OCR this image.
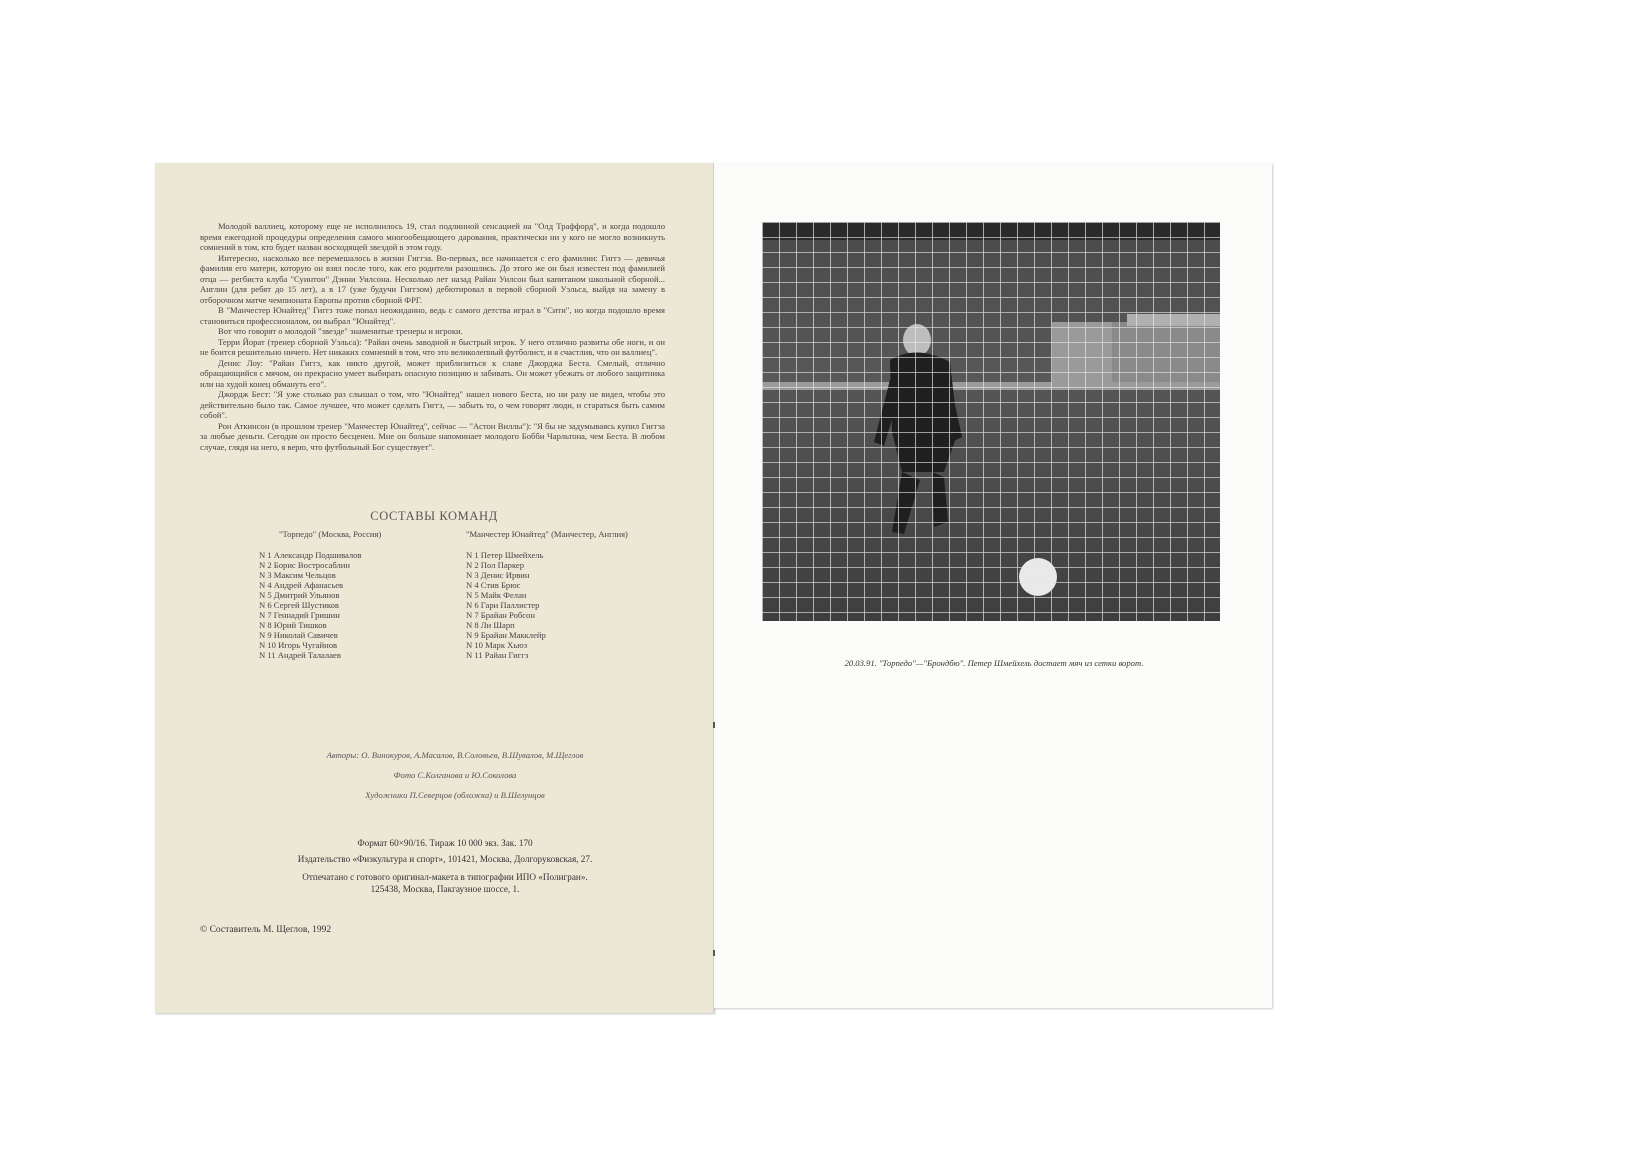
Молодой валлиец, которому еще не исполнилось 19, стал подлинной сенсацией на "Олд Траффорд", и когда подошло время ежегодной процедуры определения самого многообещающего дарования, практически ни у кого не могло возникнуть сомнений в том, кто будет назван восходящей звездой в этом году.

Интересно, насколько все перемешалось в жизни Гиггза. Во-первых, все начинается с его фамилии: Гиггз — девичья фамилия его матери, которую он взял после того, как его родители разошлись. До этого же он был известен под фамилией отца — регбиста клуба "Суинтон" Дэнни Уилсона. Несколько лет назад Райан Уилсон был капитаном школьной сборной... Англии (для ребят до 15 лет), а в 17 (уже будучи Гиггзом) дебютировал в первой сборной Уэльса, выйдя на замену в отборочном матче чемпионата Европы против сборной ФРГ.

В "Манчестер Юнайтед" Гиггз тоже попал неожиданно, ведь с самого детства играл в "Сити", но когда подошло время становиться профессионалом, он выбрал "Юнайтед".

Вот что говорят о молодой "звезде" знаменитые тренеры и игроки.

Терри Йорат (тренер сборной Уэльса): "Райан очень заводной и быстрый игрок. У него отлично развиты обе ноги, и он не боится решительно ничего. Нет никаких сомнений в том, что это великолепный футболист, и я счастлив, что он валлиец".

Денис Лоу: "Райан Гиггз, как никто другой, может приблизиться к славе Джорджа Беста. Смелый, отлично обращающийся с мячом, он прекрасно умеет выбирать опасную позицию и забивать. Он может убежать от любого защитника или на худой конец обмануть его".

Джордж Бест: "Я уже столько раз слышал о том, что "Юнайтед" нашел нового Беста, но ни разу не видел, чтобы это действительно было так. Самое лучшее, что может сделать Гиггз, — забыть то, о чем говорят люди, и стараться быть самим собой".

Рон Аткинсон (в прошлом тренер "Манчестер Юнайтед", сейчас — "Астон Виллы"): "Я бы не задумываясь купил Гиггза за любые деньги. Сегодня он просто бесценен. Мне он больше напоминает молодого Бобби Чарльтона, чем Беста. В любом случае, глядя на него, я верю, что футбольный Бог существует".

СОСТАВЫ КОМАНД
"Торпедо" (Москва, Россия)
N 1 Александр Подшивалов
N 2 Борис Востросаблин
N 3 Максим Чельцов
N 4 Андрей Афанасьев
N 5 Дмитрий Ульянов
N 6 Сергей Шустиков
N 7 Геннадий Гришин
N 8 Юрий Тишков
N 9 Николай Савичев
N 10 Игорь Чугайнов
N 11 Андрей Талалаев
"Манчестер Юнайтед" (Манчестер, Англия)
N 1 Петер Шмейхель
N 2 Пол Паркер
N 3 Денис Ирвин
N 4 Стив Брюс
N 5 Майк Фелан
N 6 Гари Паллистер
N 7 Брайан Робсон
N 8 Ли Шарп
N 9 Брайан Макклейр
N 10 Марк Хьюз
N 11 Райан Гиггз
Авторы: О. Винокуров, А.Масалов, В.Соловьев, В.Шувалов, М.Щеглов
Фото С.Колганова и Ю.Соколова
Художники П.Северцов (обложка) и В.Шелунцов
Формат 60×90/16. Тираж 10 000 экз. Зак. 170
Издательство «Физкультура и спорт», 101421, Москва, Долгоруковская, 27.
Отпечатано с готового оригинал-макета в типографии ИПО «Полигран».
125438, Москва, Пакгаузное шоссе, 1.
© Составитель М. Щеглов, 1992
20.03.91. "Торпедо"—"Брондбю". Петер Шмейхель достает мяч из сетки ворот.
